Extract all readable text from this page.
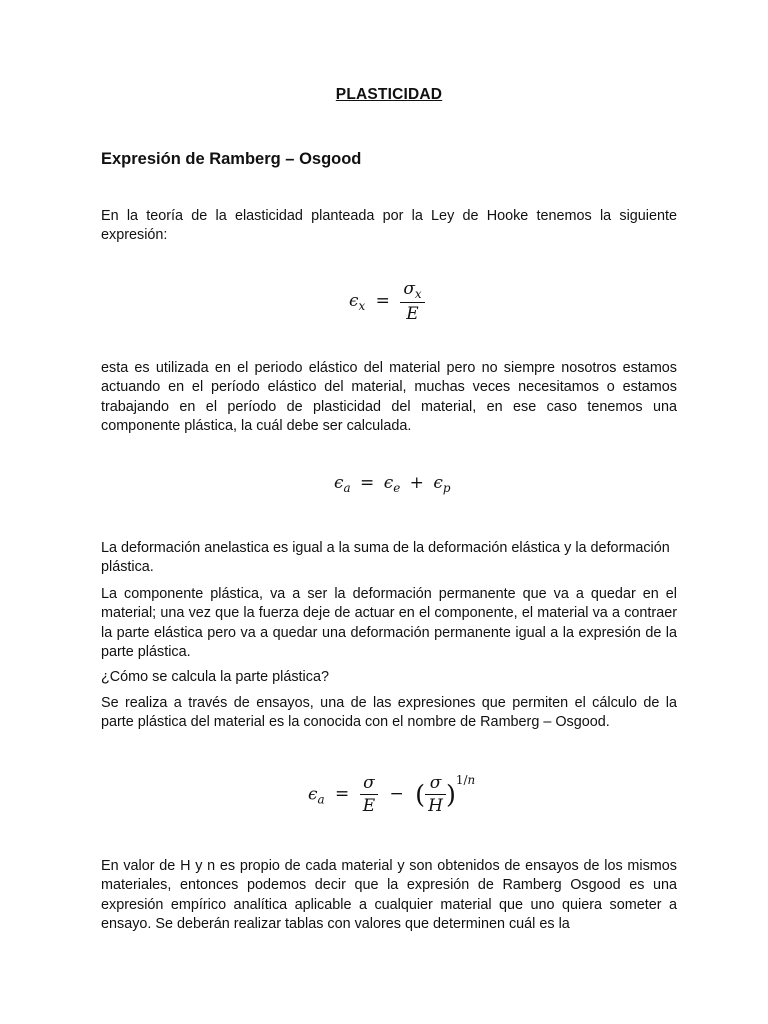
PLASTICIDAD
Expresión de Ramberg – Osgood

En la teoría de la elasticidad planteada por la Ley de Hooke tenemos la siguiente expresión:

$\epsilon_x = \frac{\sigma_x}{E}$

esta es utilizada en el periodo elástico del material pero no siempre nosotros estamos actuando en el período elástico del material, muchas veces necesitamos o estamos trabajando en el período de plasticidad del material, en ese caso tenemos una componente plástica, la cuál debe ser calculada.

$\epsilon_a = \epsilon_e + \epsilon_p$

La deformación anelastica es igual a la suma de la deformación elástica y la deformación plástica.

La componente plástica, va a ser la deformación permanente que va a quedar en el material; una vez que la fuerza deje de actuar en el componente, el material va a contraer la parte elástica pero va a quedar una deformación permanente igual a la expresión de la parte plástica.

¿Cómo se calcula la parte plástica?

Se realiza a través de ensayos, una de las expresiones que permiten el cálculo de la parte plástica del material es la conocida con el nombre de Ramberg – Osgood.

$\epsilon_a = \frac{\sigma}{E}$ − ( $\frac{\sigma}{H} )^{1/n}$

En valor de H y n es propio de cada material y son obtenidos de ensayos de los mismos materiales, entonces podemos decir que la expresión de Ramberg Osgood es una expresión empírico analítica aplicable a cualquier material que uno quiera someter a ensayo. Se deberán realizar tablas con valores que determinen cuál es la
